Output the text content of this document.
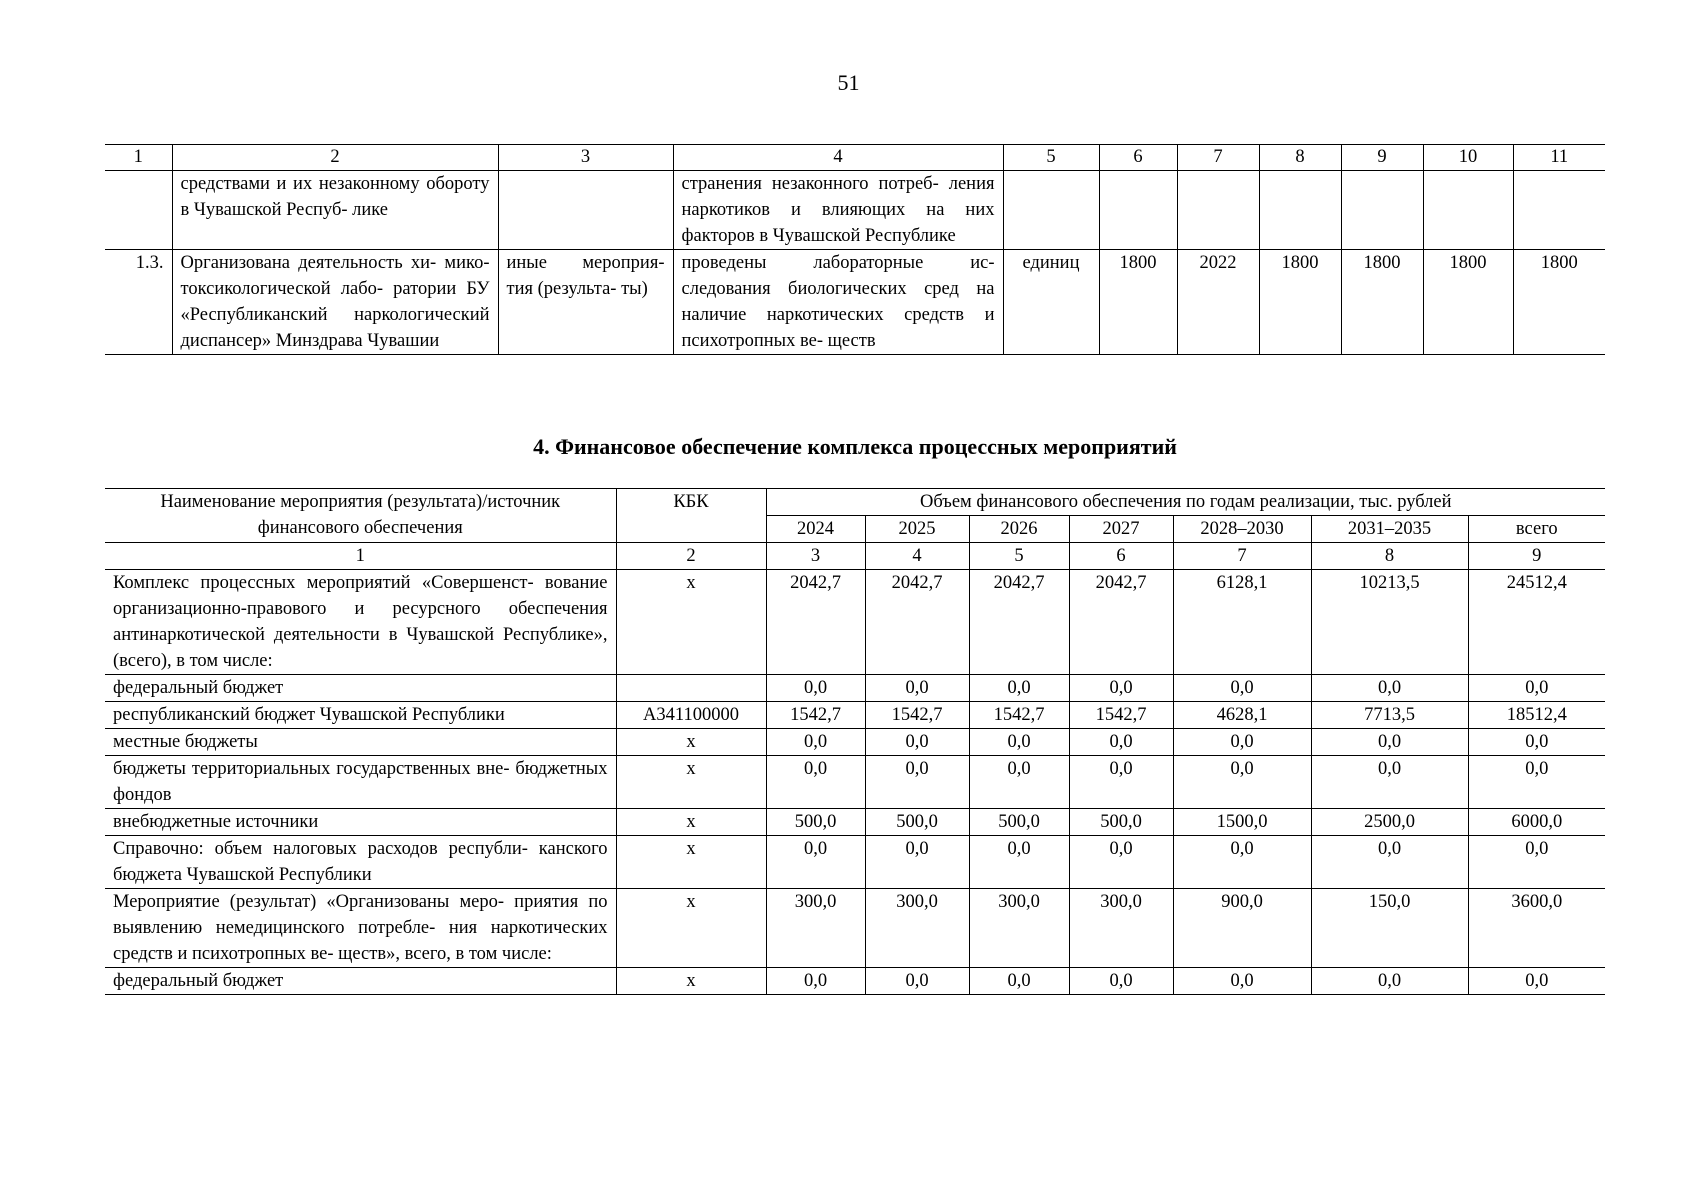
51
1	2	3	4	5	6	7	8	9	10	11
	средствами и их незаконному обороту в Чувашской Респуб- лике		странения незаконного потреб- ления наркотиков и влияющих на них факторов в Чувашской Республике							
1.3.	Организована деятельность хи- мико-токсикологической лабо- ратории БУ «Республиканский наркологический диспансер» Минздрава Чувашии	иные мероприя- тия (результа- ты)	проведены лабораторные ис- следования биологических сред на наличие наркотических средств и психотропных ве- ществ	единиц	1800	2022	1800	1800	1800	1800
4. Финансовое обеспечение комплекса процессных мероприятий
Наименование мероприятия (результата)/источник финансового обеспечения	КБК	Объем финансового обеспечения по годам реализации, тыс. рублей						
		2024	2025	2026	2027	2028–2030	2031–2035	всего
1	2	3	4	5	6	7	8	9
Комплекс процессных мероприятий «Совершенст- вование организационно-правового и ресурсного обеспечения антинаркотической деятельности в Чувашской Республике», (всего), в том числе:	x	2042,7	2042,7	2042,7	2042,7	6128,1	10213,5	24512,4
федеральный бюджет		0,0	0,0	0,0	0,0	0,0	0,0	0,0
республиканский бюджет Чувашской Республики	А341100000	1542,7	1542,7	1542,7	1542,7	4628,1	7713,5	18512,4
местные бюджеты	x	0,0	0,0	0,0	0,0	0,0	0,0	0,0
бюджеты территориальных государственных вне- бюджетных фондов	x	0,0	0,0	0,0	0,0	0,0	0,0	0,0
внебюджетные источники	x	500,0	500,0	500,0	500,0	1500,0	2500,0	6000,0
Справочно: объем налоговых расходов республи- канского бюджета Чувашской Республики	x	0,0	0,0	0,0	0,0	0,0	0,0	0,0
Мероприятие (результат) «Организованы меро- приятия по выявлению немедицинского потребле- ния наркотических средств и психотропных ве- ществ», всего, в том числе:	x	300,0	300,0	300,0	300,0	900,0	150,0	3600,0
федеральный бюджет	x	0,0	0,0	0,0	0,0	0,0	0,0	0,0
